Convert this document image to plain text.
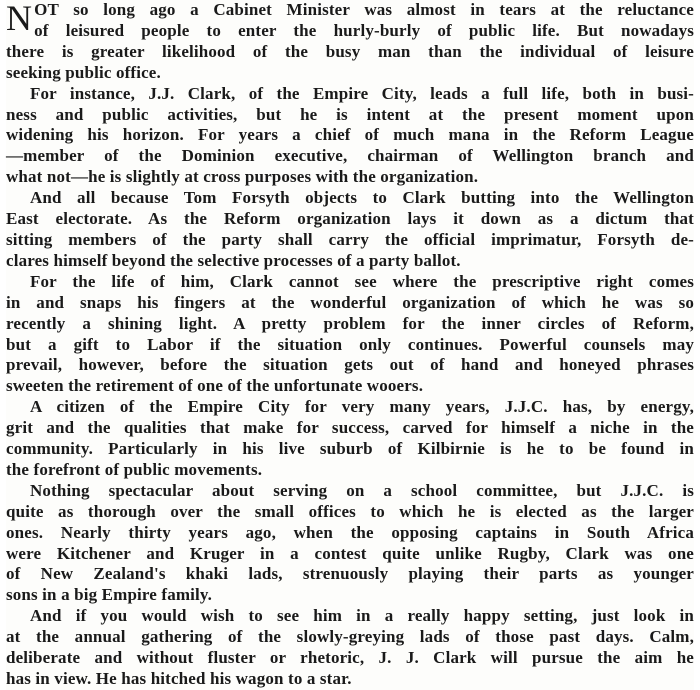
N OT so long ago a Cabinet Minister was almost in tears at the reluctance
of leisured people to enter the hurly-burly of public life. But nowadays
there is greater likelihood of the busy man than the individual of leisure
seeking public office.

For instance, J.J. Clark, of the Empire City, leads a full life, both in busi-
ness and public activities, but he is intent at the present moment upon
widening his horizon. For years a chief of much mana in the Reform League
—member of the Dominion executive, chairman of Wellington branch and
what not—he is slightly at cross purposes with the organization.

And all because Tom Forsyth objects to Clark butting into the Wellington
East electorate. As the Reform organization lays it down as a dictum that
sitting members of the party shall carry the official imprimatur, Forsyth de-
clares himself beyond the selective processes of a party ballot.

For the life of him, Clark cannot see where the prescriptive right comes
in and snaps his fingers at the wonderful organization of which he was so
recently a shining light. A pretty problem for the inner circles of Reform,
but a gift to Labor if the situation only continues. Powerful counsels may
prevail, however, before the situation gets out of hand and honeyed phrases
sweeten the retirement of one of the unfortunate wooers.

A citizen of the Empire City for very many years, J.J.C. has, by energy,
grit and the qualities that make for success, carved for himself a niche in the
community. Particularly in his live suburb of Kilbirnie is he to be found in
the forefront of public movements.

Nothing spectacular about serving on a school committee, but J.J.C. is
quite as thorough over the small offices to which he is elected as the larger
ones. Nearly thirty years ago, when the opposing captains in South Africa
were Kitchener and Kruger in a contest quite unlike Rugby, Clark was one
of New Zealand's khaki lads, strenuously playing their parts as younger
sons in a big Empire family.

And if you would wish to see him in a really happy setting, just look in
at the annual gathering of the slowly-greying lads of those past days. Calm,
deliberate and without fluster or rhetoric, J. J. Clark will pursue the aim he
has in view. He has hitched his wagon to a star.
